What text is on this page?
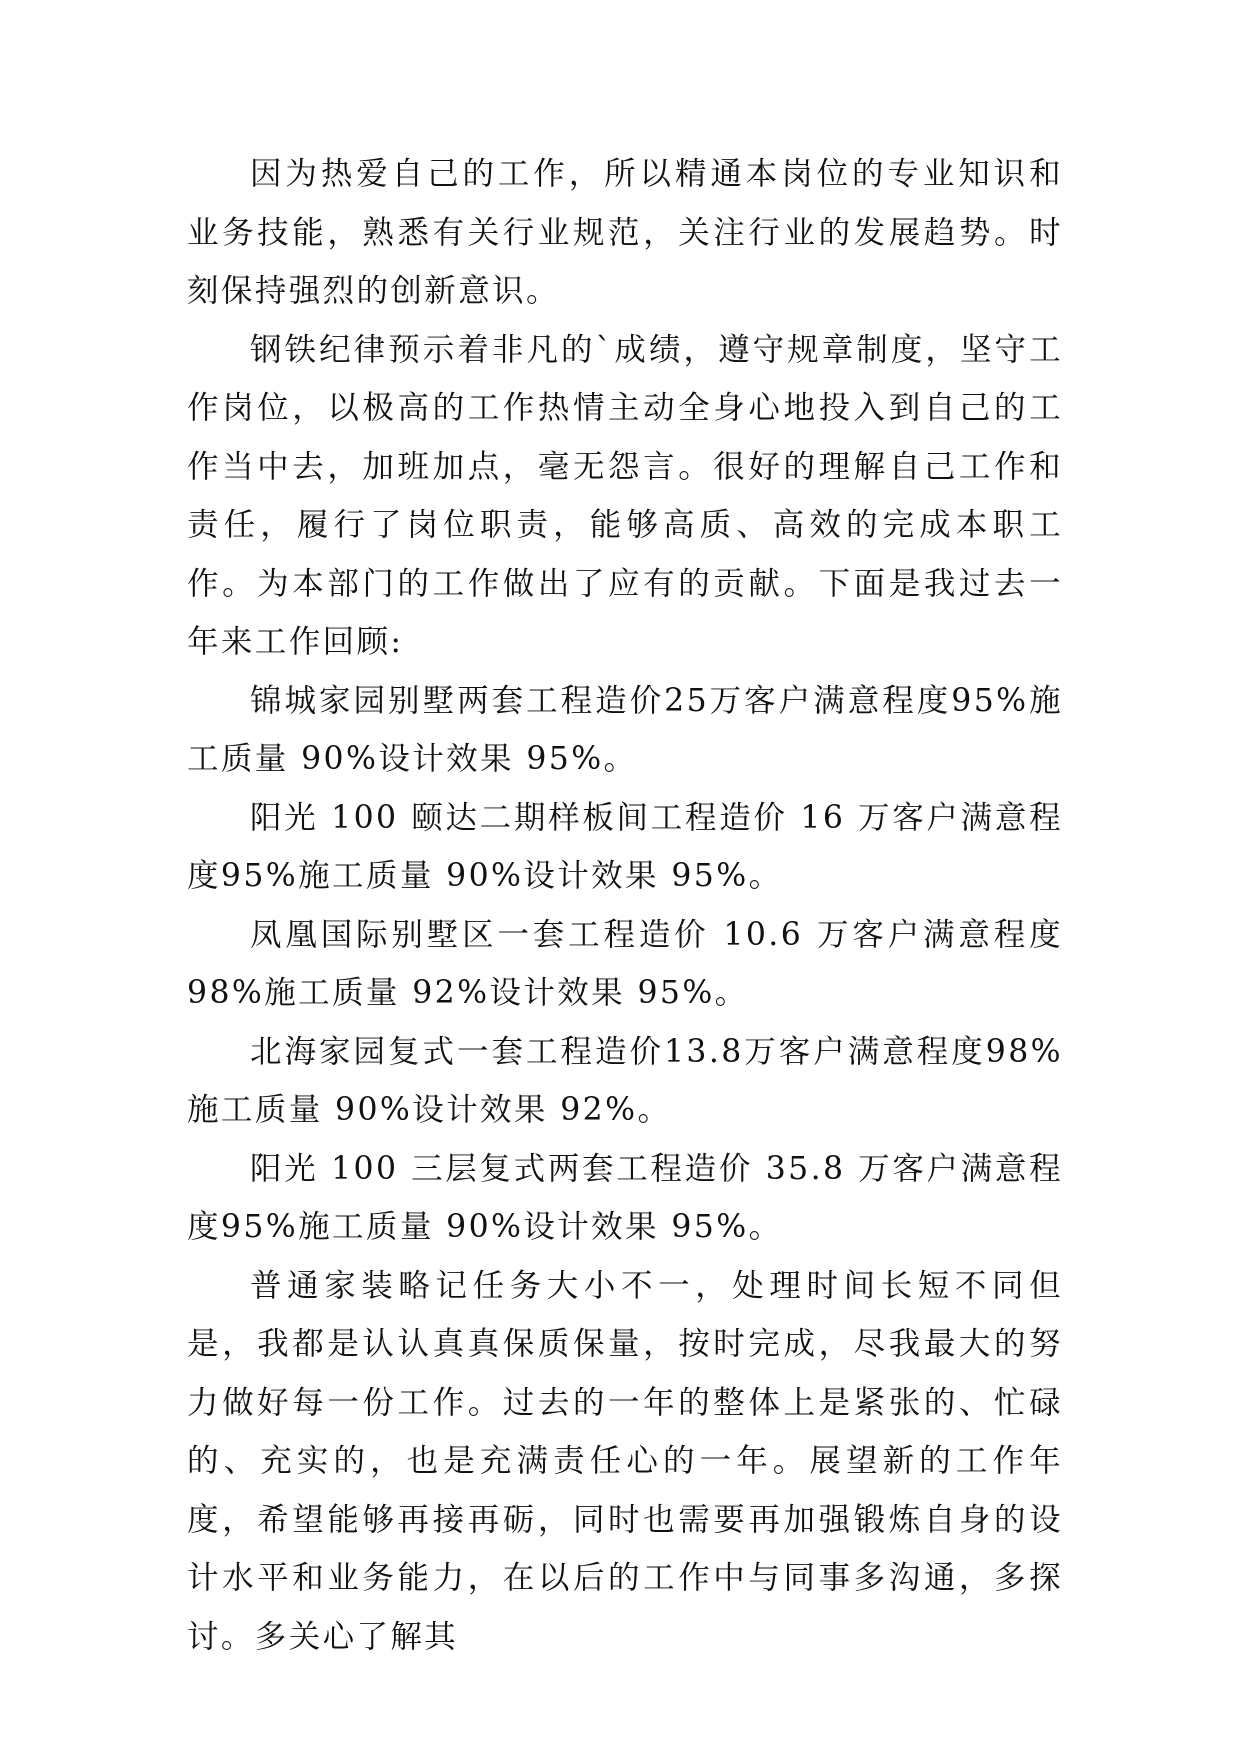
因为热爱自己的工作，所以精通本岗位的专业知识和业务技能，熟悉有关行业规范，关注行业的发展趋势。时刻保持强烈的创新意识。

钢铁纪律预示着非凡的`成绩，遵守规章制度，坚守工作岗位，以极高的工作热情主动全身心地投入到自己的工作当中去，加班加点，毫无怨言。很好的理解自己工作和责任，履行了岗位职责，能够高质、高效的完成本职工作。为本部门的工作做出了应有的贡献。下面是我过去一年来工作回顾:

锦城家园别墅两套工程造价25万客户满意程度95%施工质量 90%设计效果 95%。

阳光 100 颐达二期样板间工程造价 16 万客户满意程度95%施工质量 90%设计效果 95%。

凤凰国际别墅区一套工程造价 10.6 万客户满意程度 98%施工质量 92%设计效果 95%。

北海家园复式一套工程造价13.8万客户满意程度98%施工质量 90%设计效果 92%。

阳光 100 三层复式两套工程造价 35.8 万客户满意程度95%施工质量 90%设计效果 95%。

普通家装略记任务大小不一，处理时间长短不同但是，我都是认认真真保质保量，按时完成，尽我最大的努力做好每一份工作。过去的一年的整体上是紧张的、忙碌的、充实的，也是充满责任心的一年。展望新的工作年度，希望能够再接再砺，同时也需要再加强锻炼自身的设计水平和业务能力，在以后的工作中与同事多沟通，多探讨。多关心了解其
